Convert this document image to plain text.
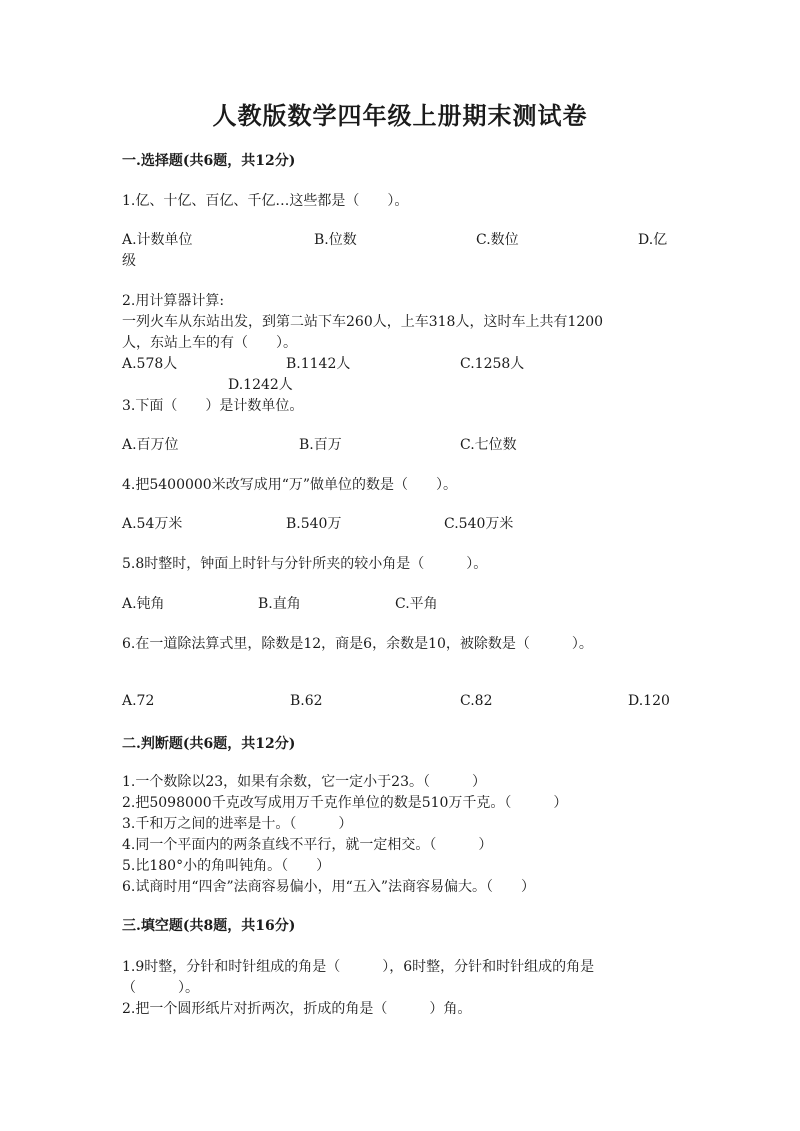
人教版数学四年级上册期末测试卷
一.选择题(共6题，共12分)
1.亿、十亿、百亿、千亿…这些都是（　　）。
A.计数单位	B.位数	C.数位	D.亿
级
2.用计算器计算:
一列火车从东站出发，到第二站下车260人，上车318人，这时车上共有1200
人，东站上车的有（　　）。
A.578人	B.1142人	C.1258人
D.1242人
3.下面（　　）是计数单位。
A.百万位	B.百万	C.七位数
4.把5400000米改写成用“万”做单位的数是（　　）。
A.54万米	B.540万	C.540万米
5.8时整时，钟面上时针与分针所夹的较小角是（　　　）。
A.钝角	B.直角	C.平角
6.在一道除法算式里，除数是12，商是6，余数是10，被除数是（　　　）。
A.72	B.62	C.82	D.120
二.判断题(共6题，共12分)
1.一个数除以23，如果有余数，它一定小于23。（　　　）
2.把5098000千克改写成用万千克作单位的数是510万千克。（　　　）
3.千和万之间的进率是十。（　　　）
4.同一个平面内的两条直线不平行，就一定相交。（　　　）
5.比180°小的角叫钝角。（　　）
6.试商时用“四舍”法商容易偏小，用“五入”法商容易偏大。（　　）
三.填空题(共8题，共16分)
1.9时整，分针和时针组成的角是（　　　），6时整，分针和时针组成的角是
（　　　）。
2.把一个圆形纸片对折两次，折成的角是（　　　）角。
